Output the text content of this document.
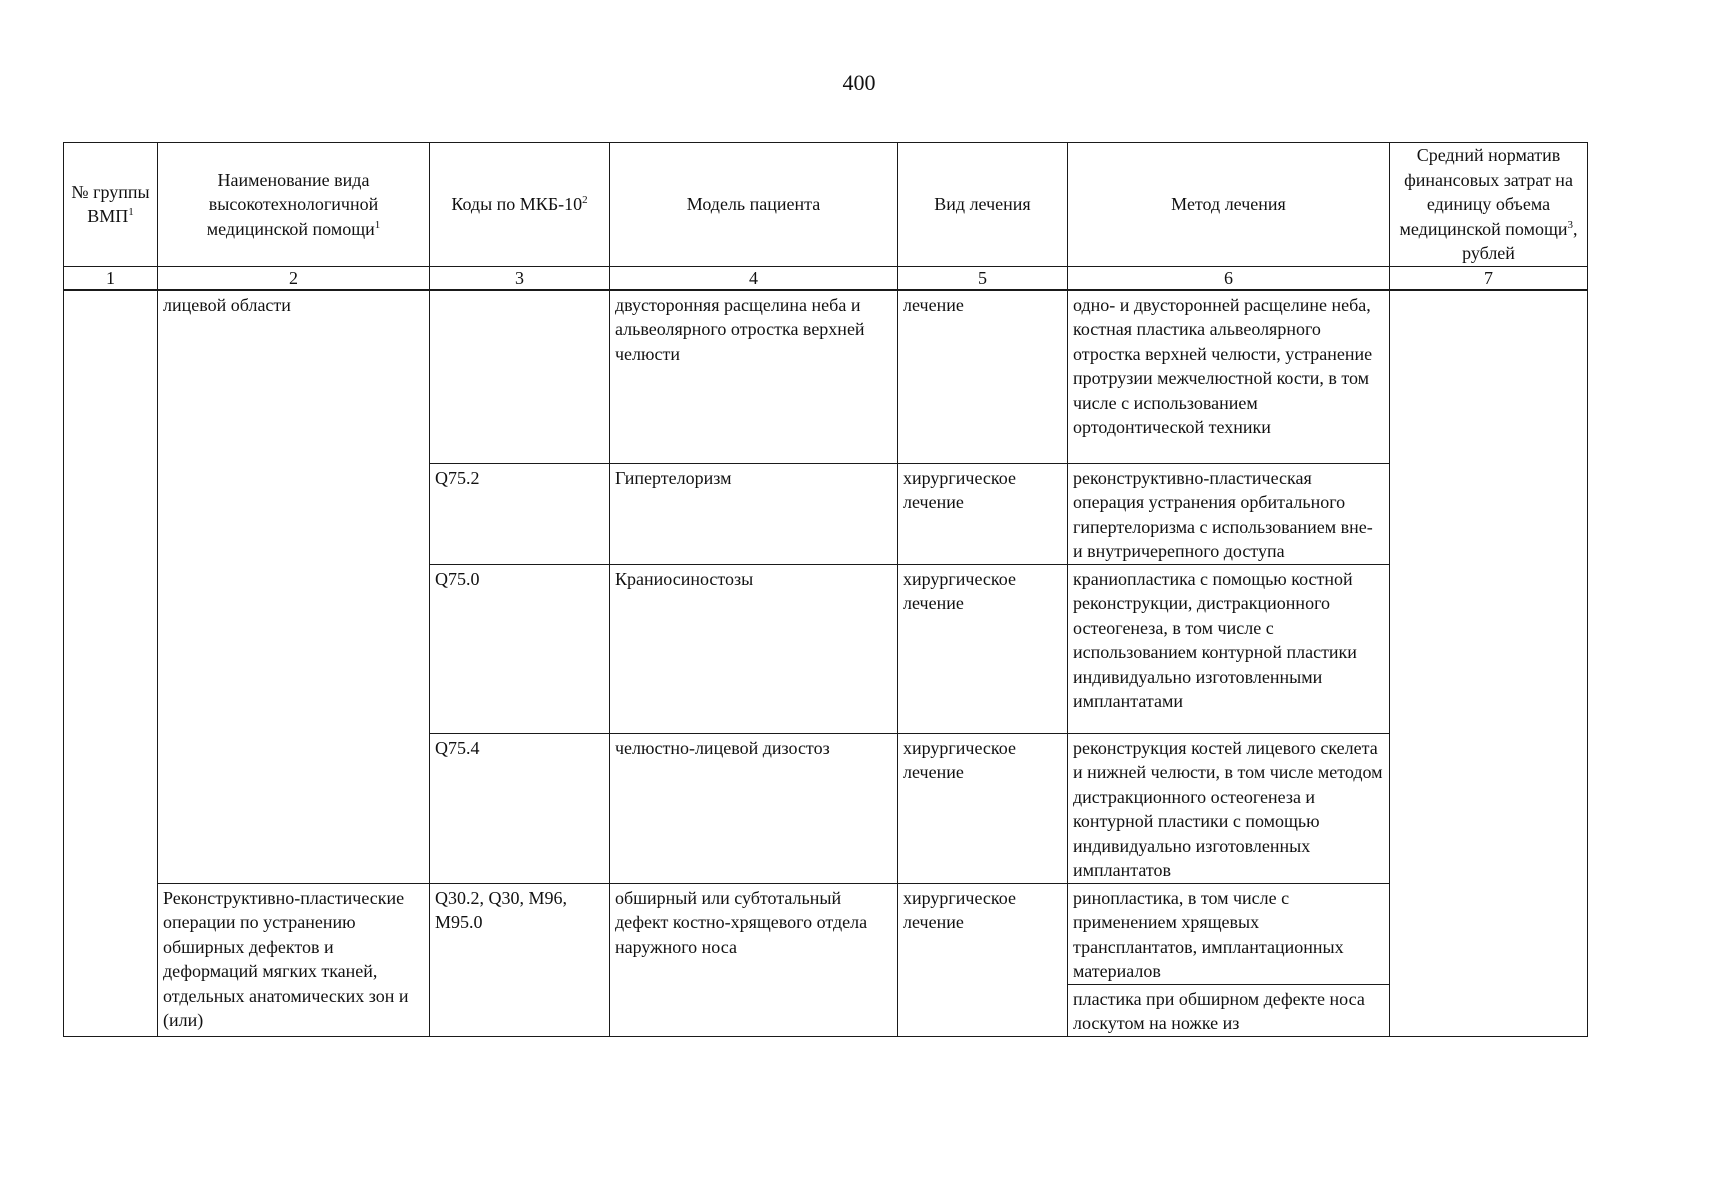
400
№ группы ВМП$^1$	Наименование вида высокотехнологичной медицинской помощи$^1$	Коды по МКБ-$10^2$	Модель пациента	Вид лечения	Метод лечения	Средний норматив финансовых затрат на единицу объема медицинской помощи$^3$, рублей
1	2	3	4	5	6	7
	лицевой области		двусторонняя расщелина неба и альвеолярного отростка верхней челюсти	лечение	одно- и двусторонней расщелине неба, костная пластика альвеолярного отростка верхней челюсти, устранение протрузии межчелюстной кости, в том числе с использованием ортодонтической техники	
		Q75.2	Гипертелоризм	хирургическое лечение	реконструктивно-пластическая операция устранения орбитального гипертелоризма с использованием вне- и внутричерепного доступа	
		Q75.0	Краниосиностозы	хирургическое лечение	краниопластика с помощью костной реконструкции, дистракционного остеогенеза, в том числе с использованием контурной пластики индивидуально изготовленными имплантатами	
		Q75.4	челюстно-лицевой дизостоз	хирургическое лечение	реконструкция костей лицевого скелета и нижней челюсти, в том числе методом дистракционного остеогенеза и контурной пластики с помощью индивидуально изготовленных имплантатов	
	Реконструктивно-пластические операции по устранению обширных дефектов и деформаций мягких тканей, отдельных анатомических зон и (или)	Q30.2, Q30, M96, M95.0	обширный или субтотальный дефект костно-хрящевого отдела наружного носа	хирургическое лечение	ринопластика, в том числе с применением хрящевых трансплантатов, имплантационных материалов	
					пластика при обширном дефекте носа лоскутом на ножке из	
